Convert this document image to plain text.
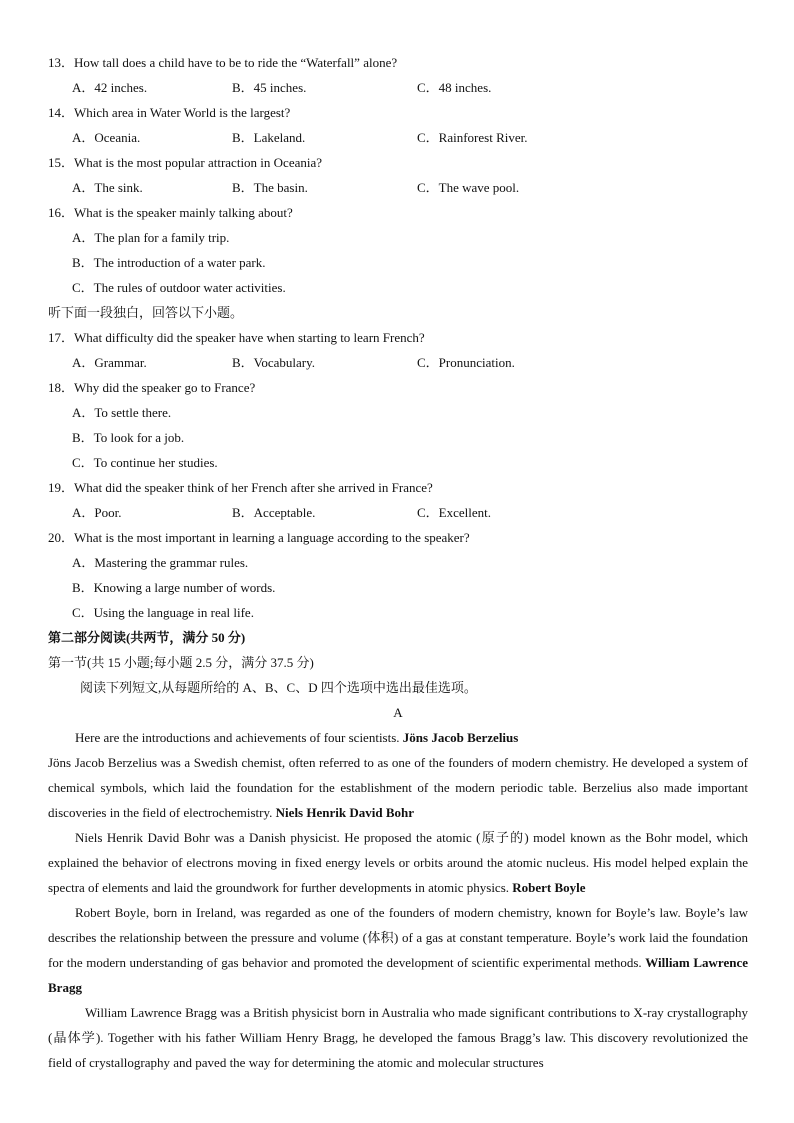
13．How tall does a child have to be to ride the “Waterfall” alone?
A．42 inches.	B．45 inches.	C．48 inches.
14．Which area in Water World is the largest?
A．Oceania.	B．Lakeland.	C．Rainforest River.
15．What is the most popular attraction in Oceania?
A．The sink.	B．The basin.	C．The wave pool.
16．What is the speaker mainly talking about?
A．The plan for a family trip.
B．The introduction of a water park.
C．The rules of outdoor water activities.
听下面一段独白，回答以下小题。
17．What difficulty did the speaker have when starting to learn French?
A．Grammar.	B．Vocabulary.	C．Pronunciation.
18．Why did the speaker go to France?
A．To settle there.
B．To look for a job.
C．To continue her studies.
19．What did the speaker think of her French after she arrived in France?
A．Poor.	B．Acceptable.	C．Excellent.
20．What is the most important in learning a language according to the speaker?
A．Mastering the grammar rules.
B．Knowing a large number of words.
C．Using the language in real life.
第二部分阅读(共两节，满分 50 分)
第一节(共 15 小题;每小题 2.5 分，满分 37.5 分)
阅读下列短文,从每题所给的 A、B、C、D 四个选项中选出最佳选项。
A
Here are the introductions and achievements of four scientists. Jöns Jacob Berzelius
Jöns Jacob Berzelius was a Swedish chemist, often referred to as one of the founders of modern chemistry. He developed a system of chemical symbols, which laid the foundation for the establishment of the modern periodic table. Berzelius also made important discoveries in the field of electrochemistry. Niels Henrik David Bohr
Niels Henrik David Bohr was a Danish physicist. He proposed the atomic (原子的) model known as the Bohr model, which explained the behavior of electrons moving in fixed energy levels or orbits around the atomic nucleus. His model helped explain the spectra of elements and laid the groundwork for further developments in atomic physics. Robert Boyle
Robert Boyle, born in Ireland, was regarded as one of the founders of modern chemistry, known for Boyle’s law. Boyle’s law describes the relationship between the pressure and volume (体积) of a gas at constant temperature. Boyle’s work laid the foundation for the modern understanding of gas behavior and promoted the development of scientific experimental methods. William Lawrence Bragg
William Lawrence Bragg was a British physicist born in Australia who made significant contributions to X-ray crystallography (晶体学). Together with his father William Henry Bragg, he developed the famous Bragg’s law. This discovery revolutionized the field of crystallography and paved the way for determining the atomic and molecular structures
